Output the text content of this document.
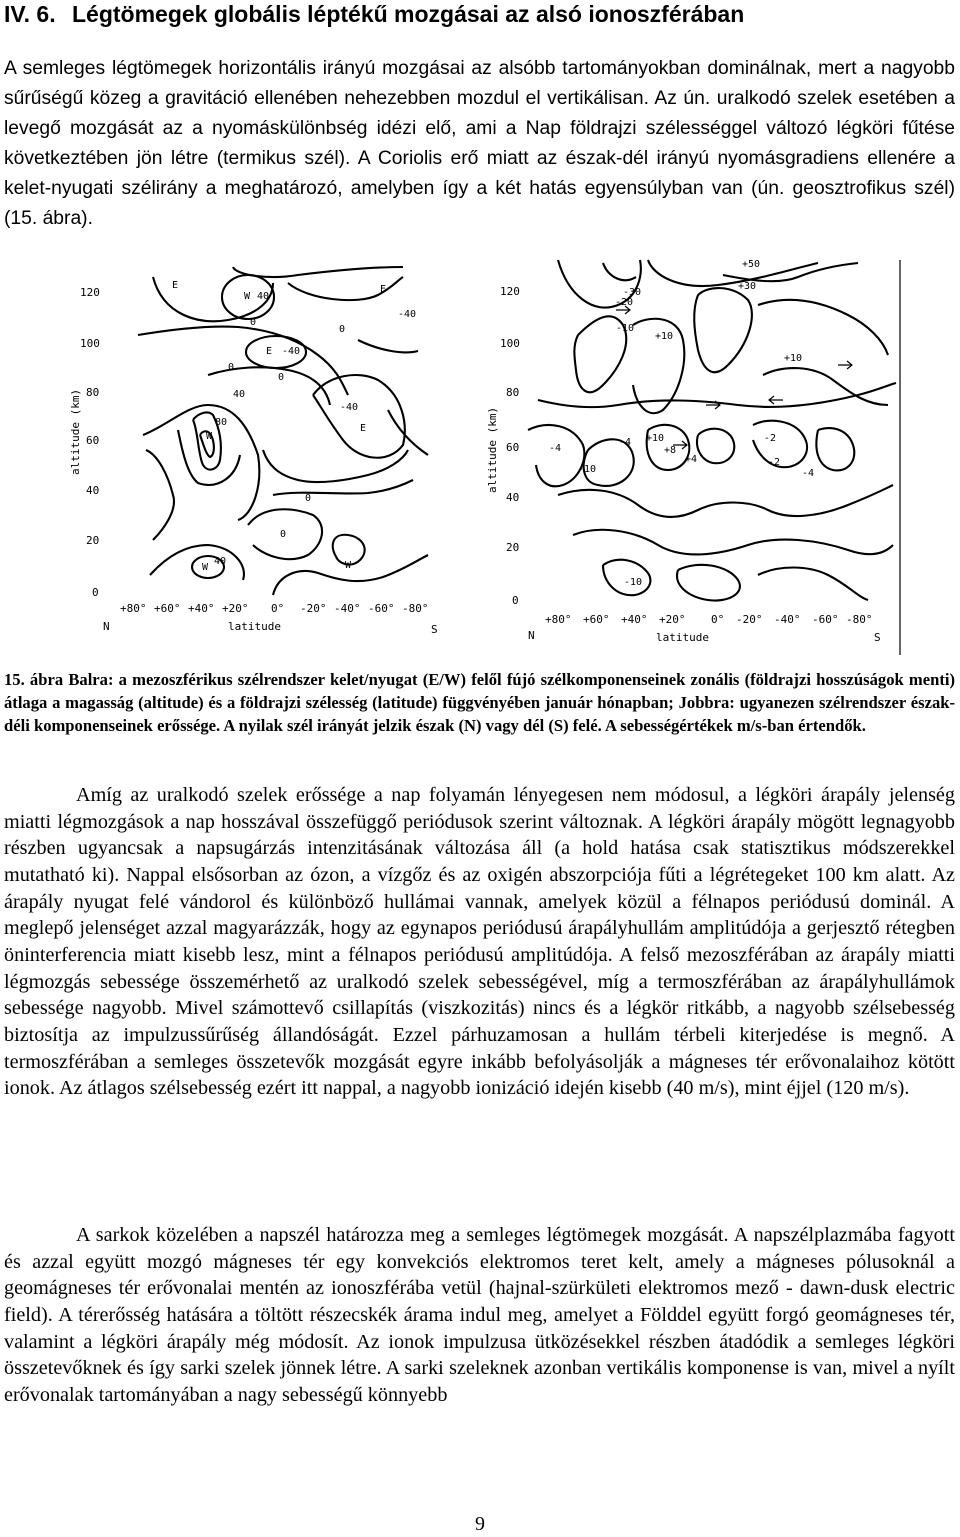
IV. 6. Légtömegek globális léptékű mozgásai az alsó ionoszférában

A semleges légtömegek horizontális irányú mozgásai az alsóbb tartományokban dominálnak, mert a nagyobb sűrűségű közeg a gravitáció ellenében nehezebben mozdul el vertikálisan. Az ún. uralkodó szelek esetében a levegő mozgását az a nyomáskülönbség idézi elő, ami a Nap földrajzi szélességgel változó légköri fűtése következtében jön létre (termikus szél). A Coriolis erő miatt az észak-dél irányú nyomásgradiens ellenére a kelet-nyugati szélirány a meghatározó, amelyben így a két hatás egyensúlyban van (ún. geosztrofikus szél) (15. ábra).

120
100
80
60
40
20
0
altitude (km)
+80° +60° +40° +20° 0° -20° -40° -60° -80°
N	latitude	S
E
W 40
E
0
-40
0
E -40
0
0
40
-40
80
W
E
0
W
40	W
0
120
100
80
60
40
20
0
altitude (km)
+80° +60° +40° +20° 0° -20° -40° -60° -80°
N	latitude	S
+50
-30
-20
+30
-10
+10
+10
-4 +10
+8
-4
-2
+4
-10
-2
-4
-10

15. ábra Balra: a mezoszférikus szélrendszer kelet/nyugat (E/W) felől fújó szélkomponenseinek zonális (földrajzi hosszúságok menti) átlaga a magasság (altitude) és a földrajzi szélesség (latitude) függvényében január hónapban; Jobbra: ugyanezen szélrendszer észak-déli komponenseinek erőssége. A nyilak szél irányát jelzik észak (N) vagy dél (S) felé. A sebességértékek m/s-ban értendők.

Amíg az uralkodó szelek erőssége a nap folyamán lényegesen nem módosul, a légköri árapály jelenség miatti légmozgások a nap hosszával összefüggő periódusok szerint változnak. A légköri árapály mögött legnagyobb részben ugyancsak a napsugárzás intenzitásának változása áll (a hold hatása csak statisztikus módszerekkel mutatható ki). Nappal elsősorban az ózon, a vízgőz és az oxigén abszorpciója fűti a légrétegeket 100 km alatt. Az árapály nyugat felé vándorol és különböző hullámai vannak, amelyek közül a félnapos periódusú dominál. A meglepő jelenséget azzal magyarázzák, hogy az egynapos periódusú árapályhullám amplitúdója a gerjesztő rétegben öninterferencia miatt kisebb lesz, mint a félnapos periódusú amplitúdója. A felső mezoszférában az árapály miatti légmozgás sebessége összemérhető az uralkodó szelek sebességével, míg a termoszférában az árapályhullámok sebessége nagyobb. Mivel számottevő csillapítás (viszkozitás) nincs és a légkör ritkább, a nagyobb szélsebesség biztosítja az impulzussűrűség állandóságát. Ezzel párhuzamosan a hullám térbeli kiterjedése is megnő. A termoszférában a semleges összetevők mozgását egyre inkább befolyásolják a mágneses tér erővonalaihoz kötött ionok. Az átlagos szélsebesség ezért itt nappal, a nagyobb ionizáció idején kisebb (40 m/s), mint éjjel (120 m/s).

A sarkok közelében a napszél határozza meg a semleges légtömegek mozgását. A napszélplazmába fagyott és azzal együtt mozgó mágneses tér egy konvekciós elektromos teret kelt, amely a mágneses pólusoknál a geomágneses tér erővonalai mentén az ionoszférába vetül (hajnal-szürkületi elektromos mező - dawn-dusk electric field). A térerősség hatására a töltött részecskék árama indul meg, amelyet a Földdel együtt forgó geomágneses tér, valamint a légköri árapály még módosít. Az ionok impulzusa ütközésekkel részben átadódik a semleges légköri összetevőknek és így sarki szelek jönnek létre. A sarki szeleknek azonban vertikális komponense is van, mivel a nyílt erővonalak tartományában a nagy sebességű könnyebb

9
